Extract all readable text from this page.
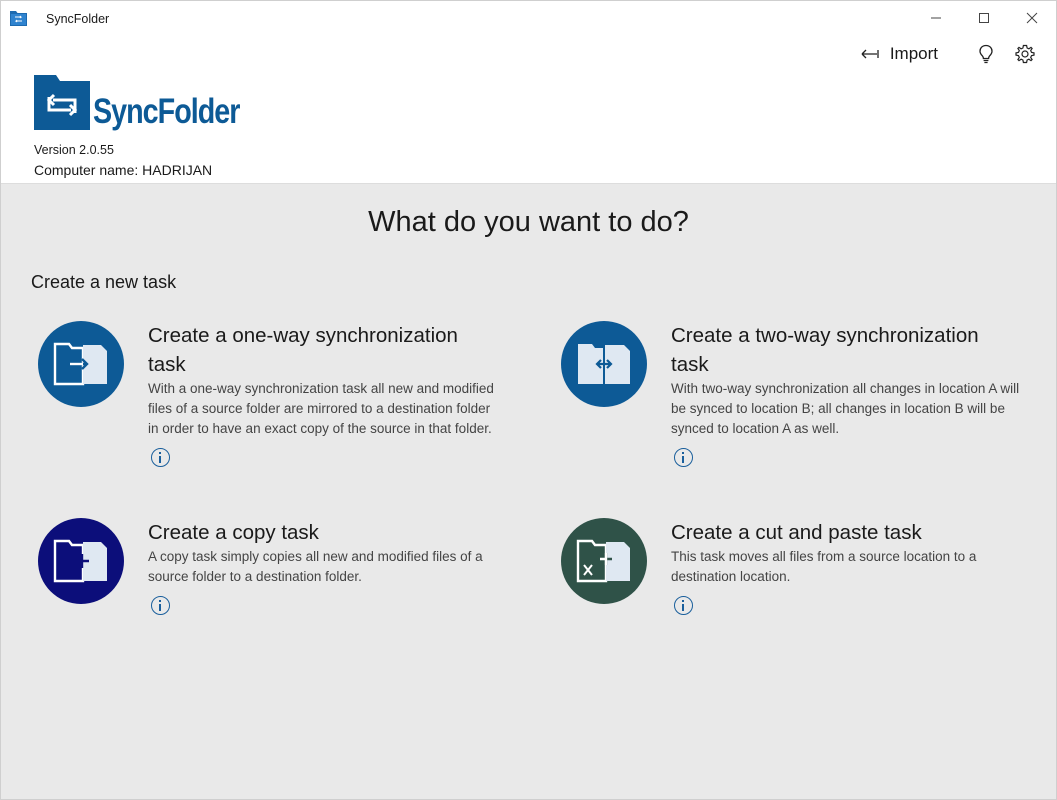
SyncFolder
Import
SyncFolder
Version 2.0.55
Computer name: HADRIJAN
What do you want to do?
Create a new task
Create a one-way synchronization
task
With a one-way synchronization task all new and modified files of a source folder are mirrored to a destination folder in order to have an exact copy of the source in that folder.
Create a two-way synchronization
task
With two-way synchronization all changes in location A will be synced to location B; all changes in location B will be synced to location A as well.
Create a copy task
A copy task simply copies all new and modified files of a source folder to a destination folder.
Create a cut and paste task
This task moves all files from a source location to a destination location.
